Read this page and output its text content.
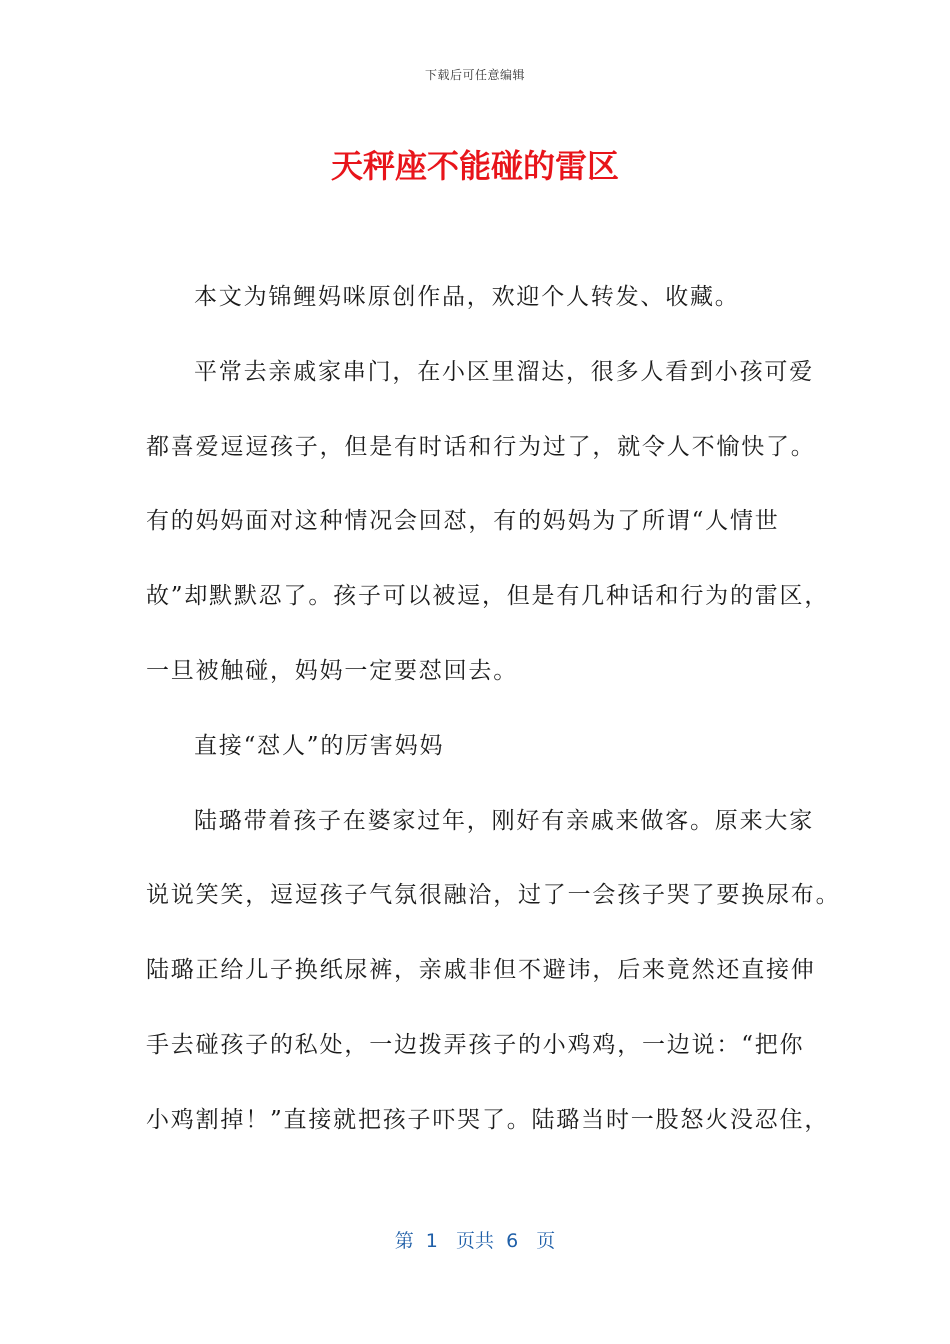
下载后可任意编辑
天秤座不能碰的雷区
本文为锦鲤妈咪原创作品，欢迎个人转发、收藏。
平常去亲戚家串门，在小区里溜达，很多人看到小孩可爱
都喜爱逗逗孩子，但是有时话和行为过了，就令人不愉快了。
有的妈妈面对这种情况会回怼，有的妈妈为了所谓“人情世
故”却默默忍了。孩子可以被逗，但是有几种话和行为的雷区，
一旦被触碰，妈妈一定要怼回去。
直接“怼人”的厉害妈妈
陆璐带着孩子在婆家过年，刚好有亲戚来做客。原来大家
说说笑笑，逗逗孩子气氛很融洽，过了一会孩子哭了要换尿布。
陆璐正给儿子换纸尿裤，亲戚非但不避讳，后来竟然还直接伸
手去碰孩子的私处，一边拨弄孩子的小鸡鸡，一边说：“把你
小鸡割掉！”直接就把孩子吓哭了。陆璐当时一股怒火没忍住，
第  1   页共  6   页
